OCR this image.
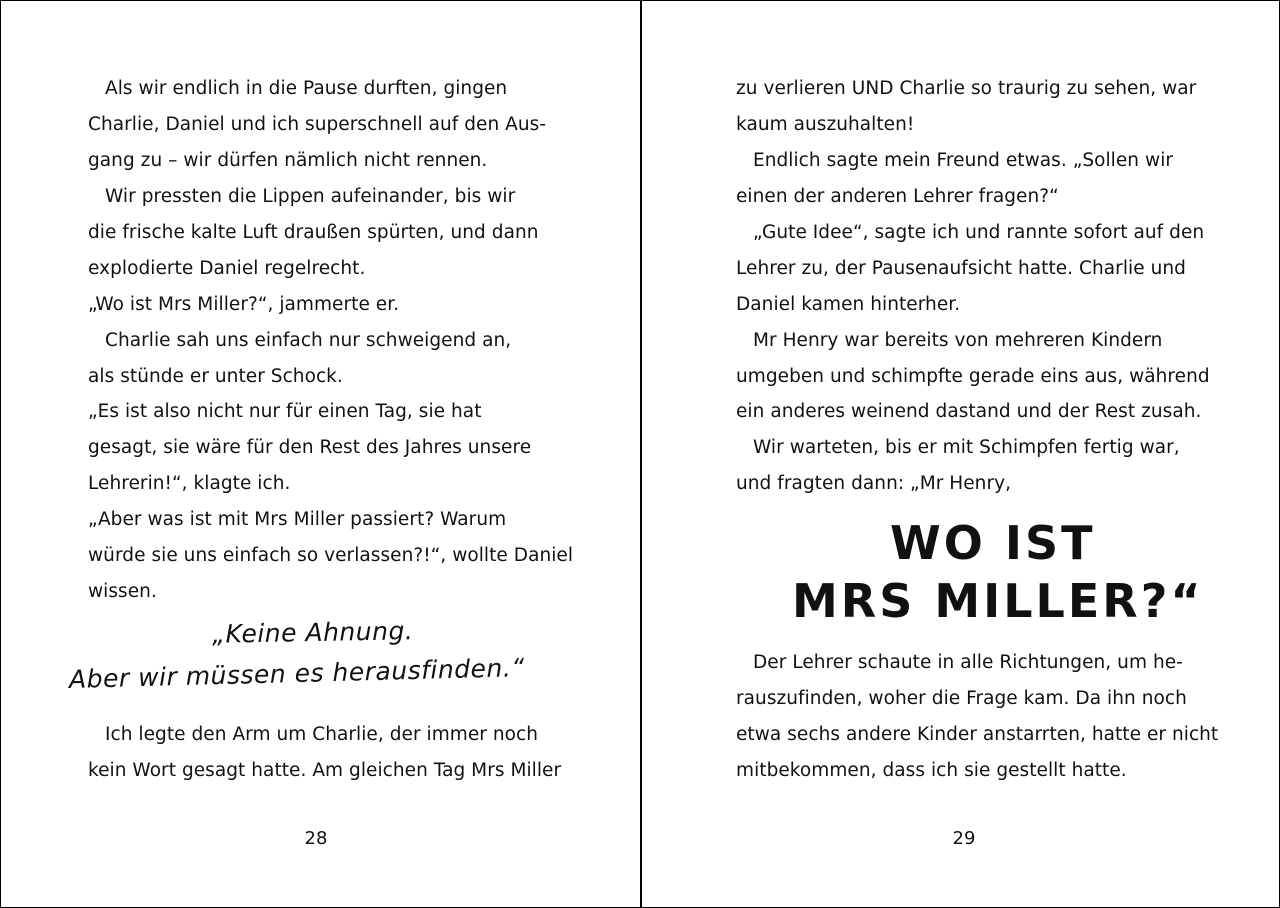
Als wir endlich in die Pause durften, gingen
Charlie, Daniel und ich superschnell auf den Aus-
gang zu – wir dürfen nämlich nicht rennen.
Wir pressten die Lippen aufeinander, bis wir
die frische kalte Luft draußen spürten, und dann
explodierte Daniel regelrecht.
„Wo ist Mrs Miller?“, jammerte er.
Charlie sah uns einfach nur schweigend an,
als stünde er unter Schock.
„Es ist also nicht nur für einen Tag, sie hat
gesagt, sie wäre für den Rest des Jahres unsere
Lehrerin!“, klagte ich.
„Aber was ist mit Mrs Miller passiert? Warum
würde sie uns einfach so verlassen?!“, wollte Daniel
wissen.
„Keine Ahnung.
Aber wir müssen es herausfinden.“
Ich legte den Arm um Charlie, der immer noch
kein Wort gesagt hatte. Am gleichen Tag Mrs Miller
28
zu verlieren UND Charlie so traurig zu sehen, war
kaum auszuhalten!
Endlich sagte mein Freund etwas. „Sollen wir
einen der anderen Lehrer fragen?“
„Gute Idee“, sagte ich und rannte sofort auf den
Lehrer zu, der Pausenaufsicht hatte. Charlie und
Daniel kamen hinterher.
Mr Henry war bereits von mehreren Kindern
umgeben und schimpfte gerade eins aus, während
ein anderes weinend dastand und der Rest zusah.
Wir warteten, bis er mit Schimpfen fertig war,
und fragten dann: „Mr Henry,
WO IST
MRS MILLER?“
Der Lehrer schaute in alle Richtungen, um he-
rauszufinden, woher die Frage kam. Da ihn noch
etwa sechs andere Kinder anstarrten, hatte er nicht
mitbekommen, dass ich sie gestellt hatte.
29
